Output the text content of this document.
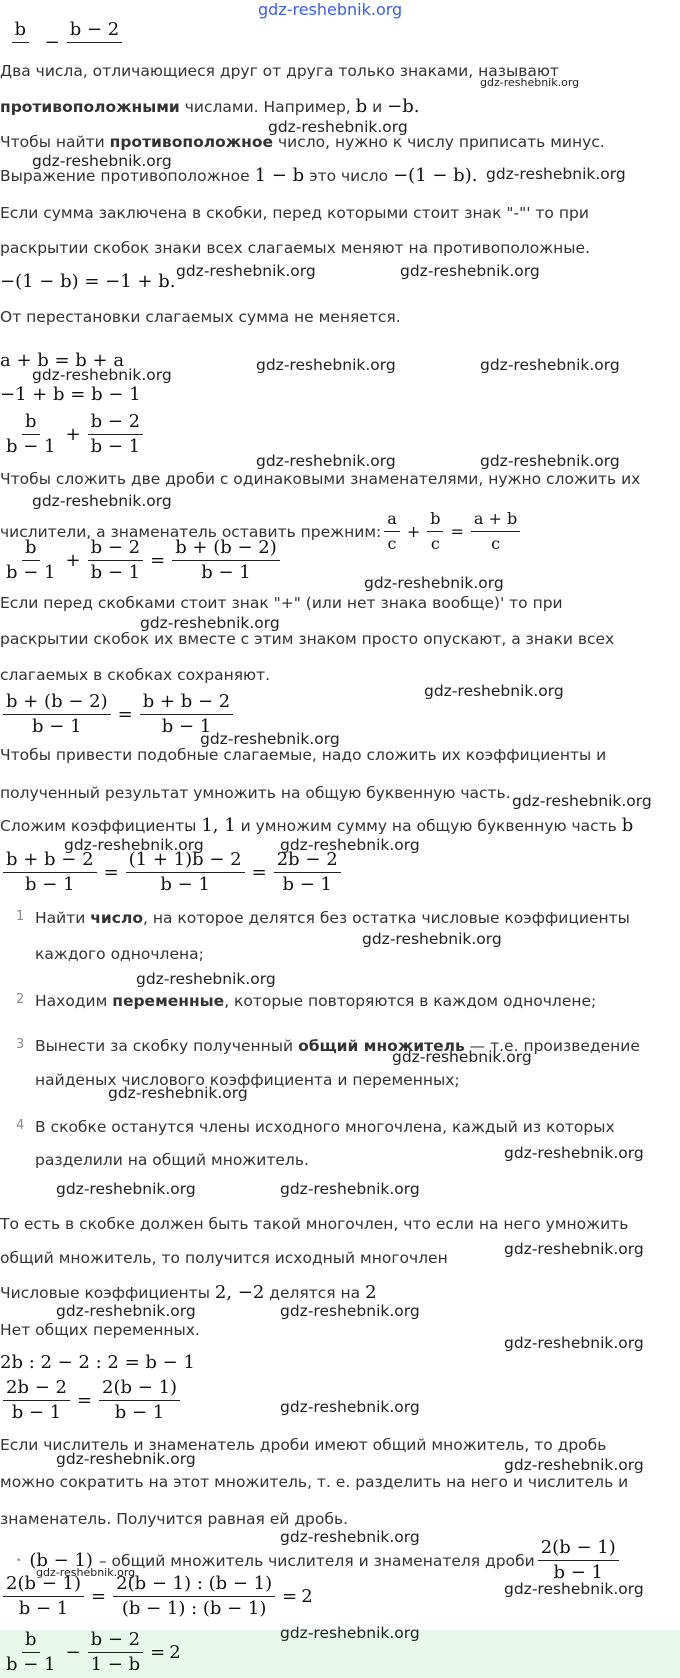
gdz-reshebnik.org
b

−
b − 2

Два числа, отличающиеся друг от друга только знаками, называют
gdz-reshebnik.org
противоположными числами. Например, b и −b.
gdz-reshebnik.org
Чтобы найти противоположное число, нужно к числу приписать минус.
gdz-reshebnik.org
Выражение противоположное 1 − b это число −(1 − b). gdz-reshebnik.org
Если сумма заключена в скобки, перед которыми стоит знак "-"' то при
раскрытии скобок знаки всех слагаемых меняют на противоположные.
−(1 − b) = −1 + b. gdz-reshebnik.org	gdz-reshebnik.org
От перестановки слагаемых сумма не меняется.
a + b = b + a
gdz-reshebnik.org
gdz-reshebnik.org	gdz-reshebnik.org
−1 + b = b − 1
$\frac{b}{b - 1} + \frac{b - 2}{b - 1}$
Чтобы сложить две дроби с одинаковыми знаменателями, нужно сложить их
gdz-reshebnik.org	gdz-reshebnik.org
gdz-reshebnik.org
числители, а знаменатель оставить прежним: $\frac{a}{c} + \frac{b}{c} = \frac{a + b}{c}$
$\frac{b}{b - 1} + \frac{b - 2}{b - 1} = \frac{b + (b - 2)}{b - 1}$	gdz-reshebnik.org
Если перед скобками стоит знак "+" (или нет знака вообще)' то при
gdz-reshebnik.org
раскрытии скобок их вместе с этим знаком просто опускают, а знаки всех
слагаемых в скобках сохраняют.
gdz-reshebnik.org
$\frac{b + (b - 2)}{b - 1} = \frac{b + b - 2}{b - 1}$
gdz-reshebnik.org
Чтобы привести подобные слагаемые, надо сложить их коэффициенты и
полученный результат умножить на общую буквенную часть. gdz-reshebnik.org
Сложим коэффициенты 1, 1 и умножим сумму на общую буквенную часть b
gdz-reshebnik.org	gdz-reshebnik.org
$\frac{b + b - 2}{b - 1} = \frac{(1 + 1)b - 2}{b - 1} = \frac{2b - 2}{b - 1}$
1 Найти число, на которое делятся без остатка числовые коэффициенты
каждого одночлена;
gdz-reshebnik.org
gdz-reshebnik.org
2 Находим переменные, которые повторяются в каждом одночлене;
3 Вынести за скобку полученный общий множитель — т.е. произведение
gdz-reshebnik.org
найденых числового коэффициента и переменных;
gdz-reshebnik.org
4 В скобке останутся члены исходного многочлена, каждый из которых
разделили на общий множитель.	gdz-reshebnik.org
gdz-reshebnik.org	gdz-reshebnik.org
То есть в скобке должен быть такой многочлен, что если на него умножить
общий множитель, то получится исходный многочлен	gdz-reshebnik.org
Числовые коэффициенты 2, −2 делятся на 2
gdz-reshebnik.org	gdz-reshebnik.org
Нет общих переменных.
gdz-reshebnik.org
2b : 2 − 2 : 2 = b − 1
$\frac{2b - 2}{b - 1} = \frac{2(b - 1)}{b - 1}$	gdz-reshebnik.org
Если числитель и знаменатель дроби имеют общий множитель, то дробь
gdz-reshebnik.org	gdz-reshebnik.org
можно сократить на этот множитель, т. е. разделить на него и числитель и
знаменатель. Получится равная ей дробь.
gdz-reshebnik.org
• (b − 1) – общий множитель числителя и знаменателя дроби $\frac{2(b - 1)}{b - 1}$
gdz-reshebnik.org
$\frac{2(b - 1)}{b - 1} = \frac{2(b - 1) : (b - 1)}{(b - 1) : (b - 1)} = 2$	gdz-reshebnik.org
gdz-reshebnik.org
$\frac{b}{b - 1} - \frac{b - 2}{1 - b} = 2$
